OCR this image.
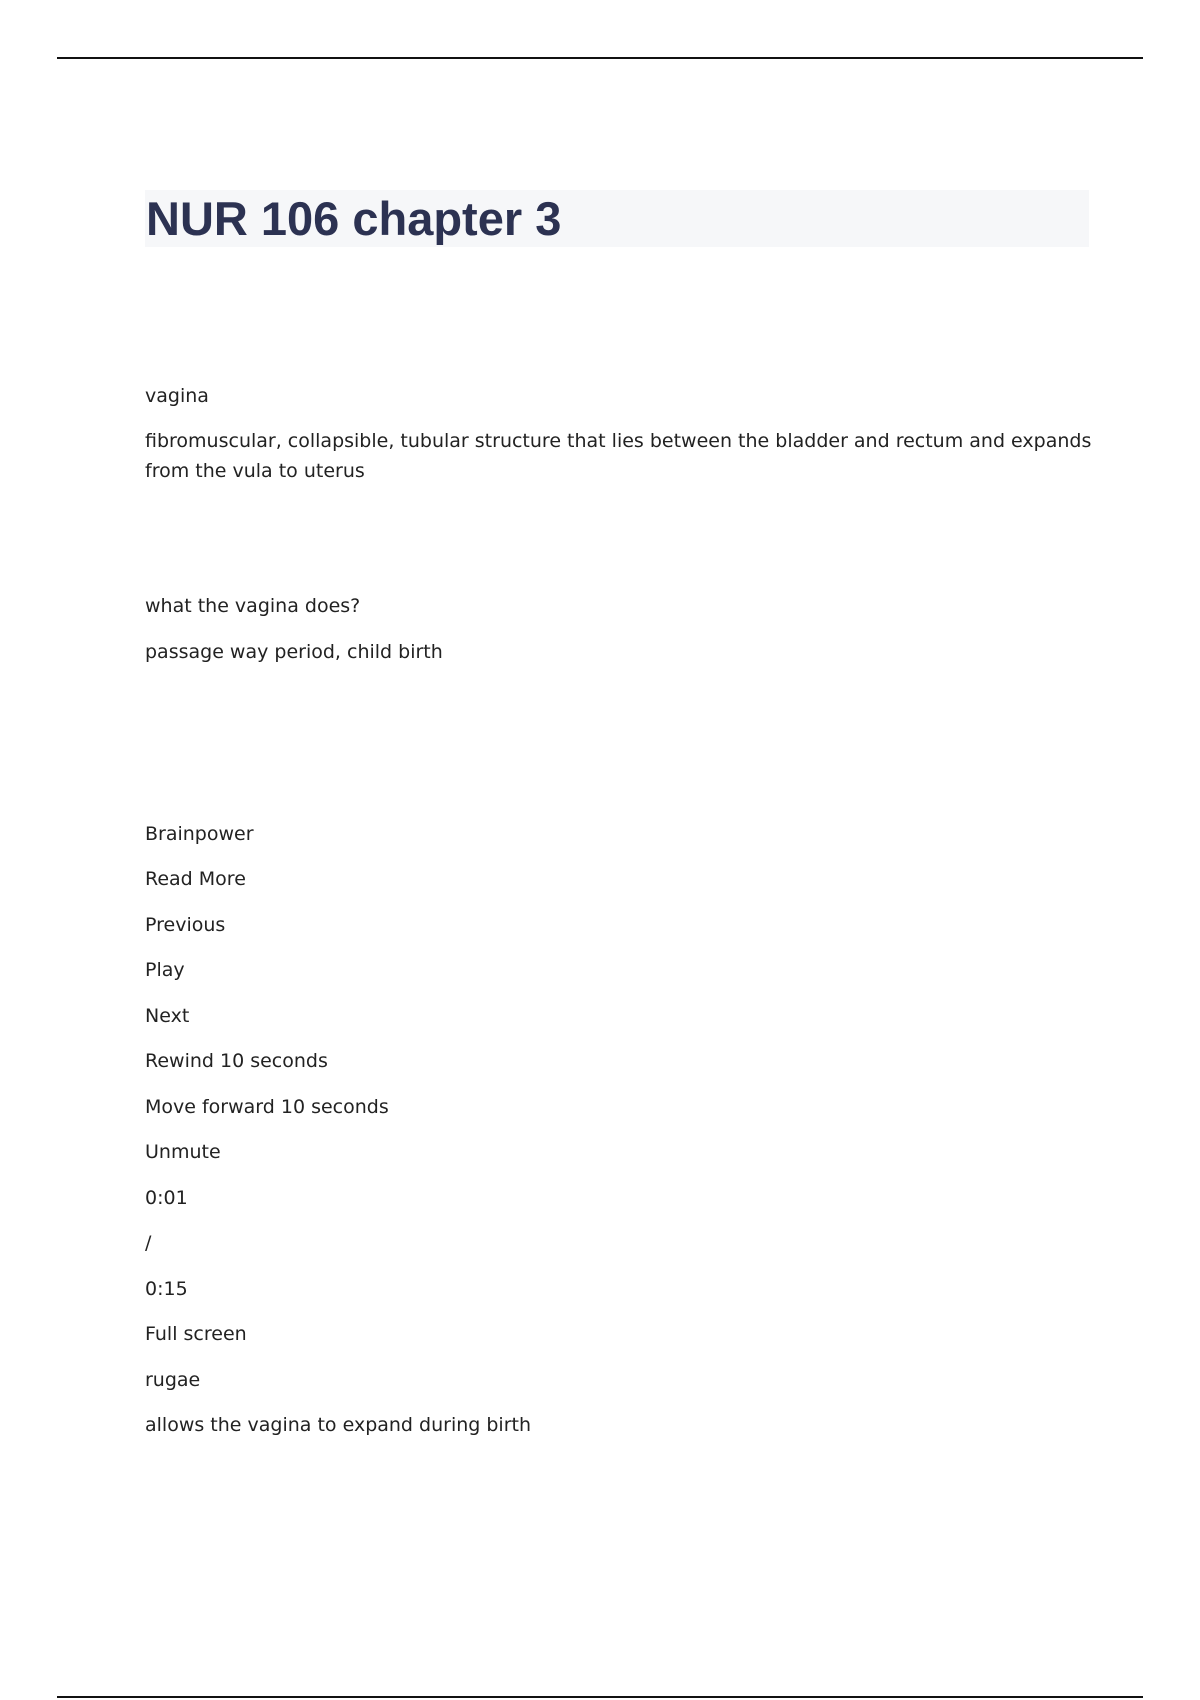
NUR 106 chapter 3

vagina

fibromuscular, collapsible, tubular structure that lies between the bladder and rectum and expands from the vula to uterus

what the vagina does?

passage way period, child birth

Brainpower

Read More

Previous

Play

Next

Rewind 10 seconds

Move forward 10 seconds

Unmute

0:01

/

0:15

Full screen

rugae

allows the vagina to expand during birth
